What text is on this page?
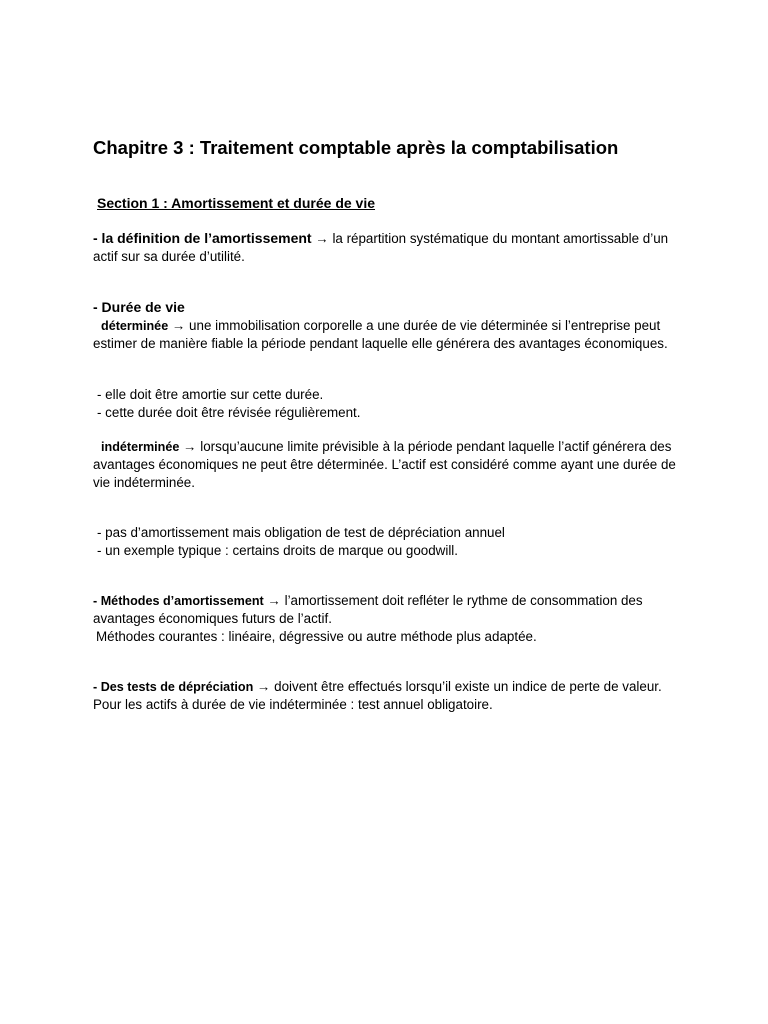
Chapitre 3 : Traitement comptable après la comptabilisation
Section 1 : Amortissement et durée de vie
- la définition de l’amortissement → la répartition systématique du montant amortissable d’un actif sur sa durée d’utilité.
- Durée de vie
déterminée → une immobilisation corporelle a une durée de vie déterminée si l’entreprise peut estimer de manière fiable la période pendant laquelle elle générera des avantages économiques.
- elle doit être amortie sur cette durée.
- cette durée doit être révisée régulièrement.
indéterminée → lorsqu’aucune limite prévisible à la période pendant laquelle l’actif générera des avantages économiques ne peut être déterminée. L’actif est considéré comme ayant une durée de vie indéterminée.
- pas d’amortissement mais obligation de test de dépréciation annuel
- un exemple typique : certains droits de marque ou goodwill.
- Méthodes d’amortissement → l’amortissement doit refléter le rythme de consommation des avantages économiques futurs de l’actif.
Méthodes courantes : linéaire, dégressive ou autre méthode plus adaptée.
- Des tests de dépréciation → doivent être effectués lorsqu’il existe un indice de perte de valeur.
Pour les actifs à durée de vie indéterminée : test annuel obligatoire.
